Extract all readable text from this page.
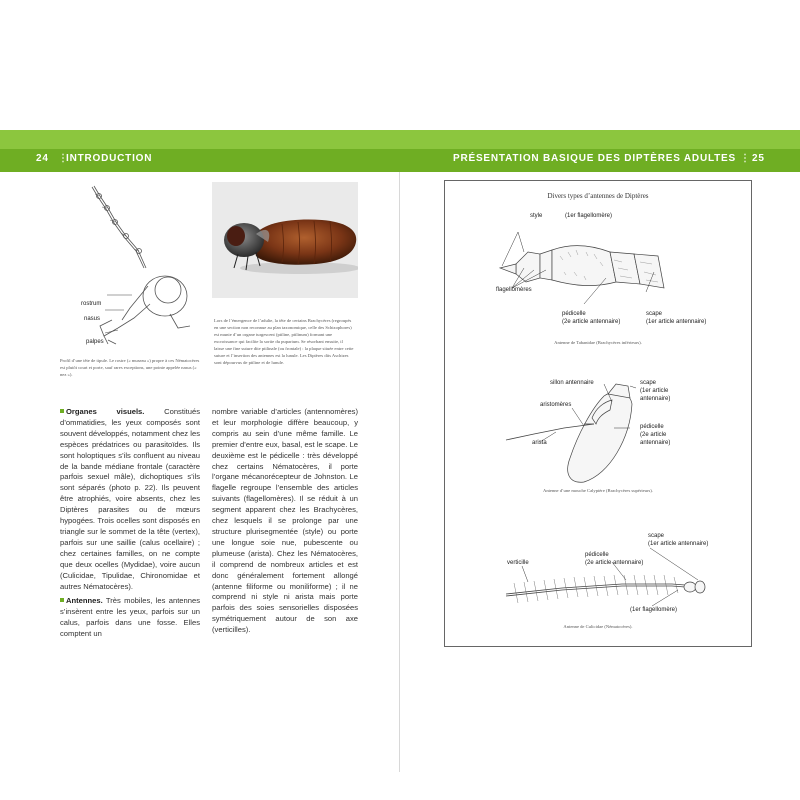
24 ⋮
INTRODUCTION	PRÉSENTATION BASIQUE DES DIPTÈRES ADULTES ⋮ 25
rostrum
nasus
palpes
Profil d’une tête de tipule. Le rostre (« museau ») propre à ces Nématocères est plutôt court et porte, sauf rares exceptions, une pointe appelée nasus (« nez »).
Lors de l’émergence de l’adulte, la tête de certains Brachycères (regroupés en une section non reconnue au plan taxonomique, celle des Schizophores) est munie d’un organe turgescent (ptiline, ptilinum) formant une excroissance qui facilite la sortie du puparium. Se résorbant ensuite, il laisse une fine suture dite ptilinale (ou frontale) : la plaque située entre cette suture et l’insertion des antennes est la lunule. Les Diptères dits Aschizes sont dépourvus de ptiline et de lunule.

Organes visuels. Constitués d’ommatidies, les yeux composés sont souvent développés, notamment chez les espèces prédatrices ou parasitoïdes. Ils sont holoptiques s’ils confluent au niveau de la bande médiane frontale (caractère parfois sexuel mâle), dichoptiques s’ils sont séparés (photo p. 22). Ils peuvent être atrophiés, voire absents, chez les Diptères parasites ou de mœurs hypogées. Trois ocelles sont disposés en triangle sur le sommet de la tête (vertex), parfois sur une saillie (calus ocellaire) ; chez certaines familles, on ne compte que deux ocelles (Mydidae), voire aucun (Culicidae, Tipulidae, Chironomidae et autres Nématocères).

Antennes. Très mobiles, les antennes s’insèrent entre les yeux, parfois sur un calus, parfois dans une fosse. Elles comptent un

nombre variable d’articles (antennomères) et leur morphologie diffère beaucoup, y compris au sein d’une même famille. Le premier d’entre eux, basal, est le scape. Le deuxième est le pédicelle : très développé chez certains Nématocères, il porte l’organe mécanorécepteur de Johnston. Le flagelle regroupe l’ensemble des articles suivants (flagellomères). Il se réduit à un segment apparent chez les Brachycères, chez lesquels il se prolonge par une structure plurisegmentée (style) ou porte une longue soie nue, pubescente ou plumeuse (arista). Chez les Nématocères, il comprend de nombreux articles et est donc généralement fortement allongé (antenne filiforme ou moniliforme) ; il ne comprend ni style ni arista mais porte parfois des soies sensorielles disposées symétriquement autour de son axe (verticilles).
Divers types d’antennes de Diptères
style	(1er flagellomère)
flagellomères
pédicelle
(2e article antennaire)
scape
(1er article antennaire)
Antenne de Tabanidae (Brachycères inférieurs).
sillon antennaire
aristomères
arista
scape
(1er article
antennaire)
pédicelle
(2e article
antennaire)
Antenne d’une mouche Calyptère (Brachycères supérieurs).
verticille
scape
(1er article antennaire)
pédicelle
(2e article antennaire)
(1er flagellomère)
Antenne de Culicidae (Nématocères).
